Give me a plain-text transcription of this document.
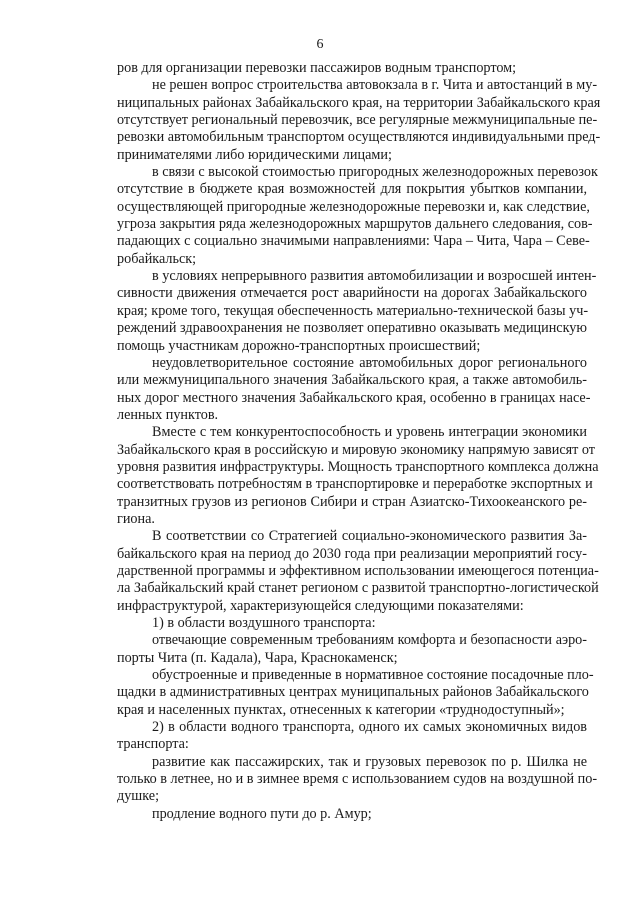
6
ров для организации перевозки пассажиров водным транспортом;
не решен вопрос строительства автовокзала в г. Чита и автостанций в му-
ниципальных районах Забайкальского края, на территории Забайкальского края
отсутствует региональный перевозчик, все регулярные межмуниципальные пе-
ревозки автомобильным транспортом осуществляются индивидуальными пред-
принимателями либо юридическими лицами;
в связи с высокой стоимостью пригородных железнодорожных перевозок
отсутствие в бюджете края возможностей для покрытия убытков компании,
осуществляющей пригородные железнодорожные перевозки и, как следствие,
угроза закрытия ряда железнодорожных маршрутов дальнего следования, сов-
падающих с социально значимыми направлениями: Чара – Чита, Чара – Севе-
робайкальск;
в условиях непрерывного развития автомобилизации и возросшей интен-
сивности движения отмечается рост аварийности на дорогах Забайкальского
края; кроме того, текущая обеспеченность материально-технической базы уч-
реждений здравоохранения не позволяет оперативно оказывать медицинскую
помощь участникам дорожно-транспортных происшествий;
неудовлетворительное состояние автомобильных дорог регионального
или межмуниципального значения Забайкальского края, а также автомобиль-
ных дорог местного значения Забайкальского края, особенно в границах насе-
ленных пунктов.
Вместе с тем конкурентоспособность и уровень интеграции экономики
Забайкальского края в российскую и мировую экономику напрямую зависят от
уровня развития инфраструктуры. Мощность транспортного комплекса должна
соответствовать потребностям в транспортировке и переработке экспортных и
транзитных грузов из регионов Сибири и стран Азиатско-Тихоокеанского ре-
гиона.
В соответствии со Стратегией социально-экономического развития За-
байкальского края на период до 2030 года при реализации мероприятий госу-
дарственной программы и эффективном использовании имеющегося потенциа-
ла Забайкальский край станет регионом с развитой транспортно-логистической
инфраструктурой, характеризующейся следующими показателями:
1) в области воздушного транспорта:
отвечающие современным требованиям комфорта и безопасности аэро-
порты Чита (п. Кадала), Чара, Краснокаменск;
обустроенные и приведенные в нормативное состояние посадочные пло-
щадки в административных центрах муниципальных районов Забайкальского
края и населенных пунктах, отнесенных к категории «труднодоступный»;
2) в области водного транспорта, одного их самых экономичных видов
транспорта:
развитие как пассажирских, так и грузовых перевозок по р. Шилка не
только в летнее, но и в зимнее время с использованием судов на воздушной по-
душке;
продление водного пути до р. Амур;
